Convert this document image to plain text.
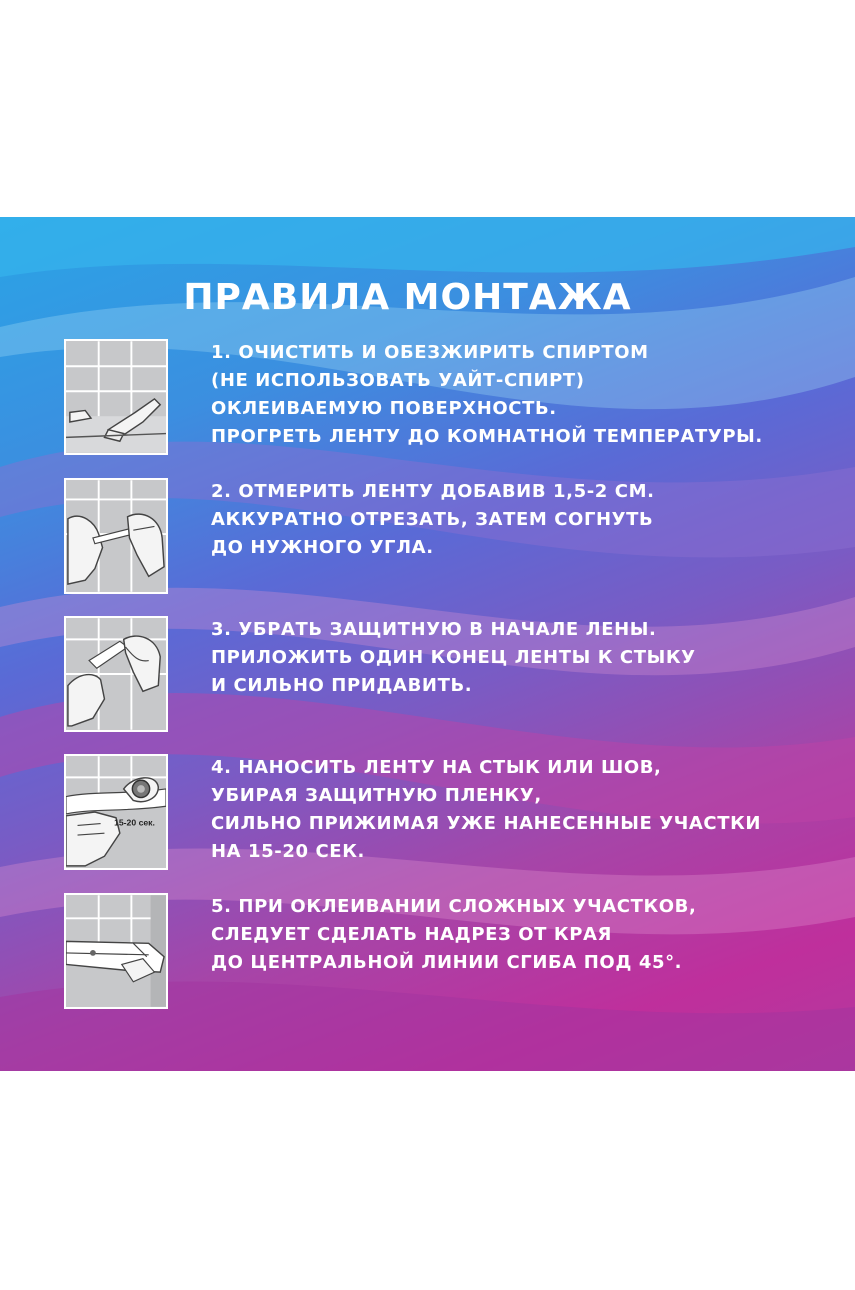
ПРАВИЛА МОНТАЖА
1. ОЧИСТИТЬ И ОБЕЗЖИРИТЬ СПИРТОМ
(НЕ ИСПОЛЬЗОВАТЬ УАЙТ-СПИРТ)
ОКЛЕИВАЕМУЮ ПОВЕРХНОСТЬ.
ПРОГРЕТЬ ЛЕНТУ ДО КОМНАТНОЙ ТЕМПЕРАТУРЫ.
2. ОТМЕРИТЬ ЛЕНТУ ДОБАВИВ 1,5-2 СМ.
АККУРАТНО ОТРЕЗАТЬ, ЗАТЕМ СОГНУТЬ
ДО НУЖНОГО УГЛА.
3. УБРАТЬ ЗАЩИТНУЮ В НАЧАЛЕ ЛЕНЫ.
ПРИЛОЖИТЬ ОДИН КОНЕЦ ЛЕНТЫ К СТЫКУ
И СИЛЬНО ПРИДАВИТЬ.
15-20 сек.
4. НАНОСИТЬ ЛЕНТУ НА СТЫК ИЛИ ШОВ,
УБИРАЯ ЗАЩИТНУЮ ПЛЕНКУ,
СИЛЬНО ПРИЖИМАЯ УЖЕ НАНЕСЕННЫЕ УЧАСТКИ
НА 15-20 СЕК.
5. ПРИ ОКЛЕИВАНИИ СЛОЖНЫХ УЧАСТКОВ,
СЛЕДУЕТ СДЕЛАТЬ НАДРЕЗ ОТ КРАЯ
ДО ЦЕНТРАЛЬНОЙ ЛИНИИ СГИБА ПОД 45°.
